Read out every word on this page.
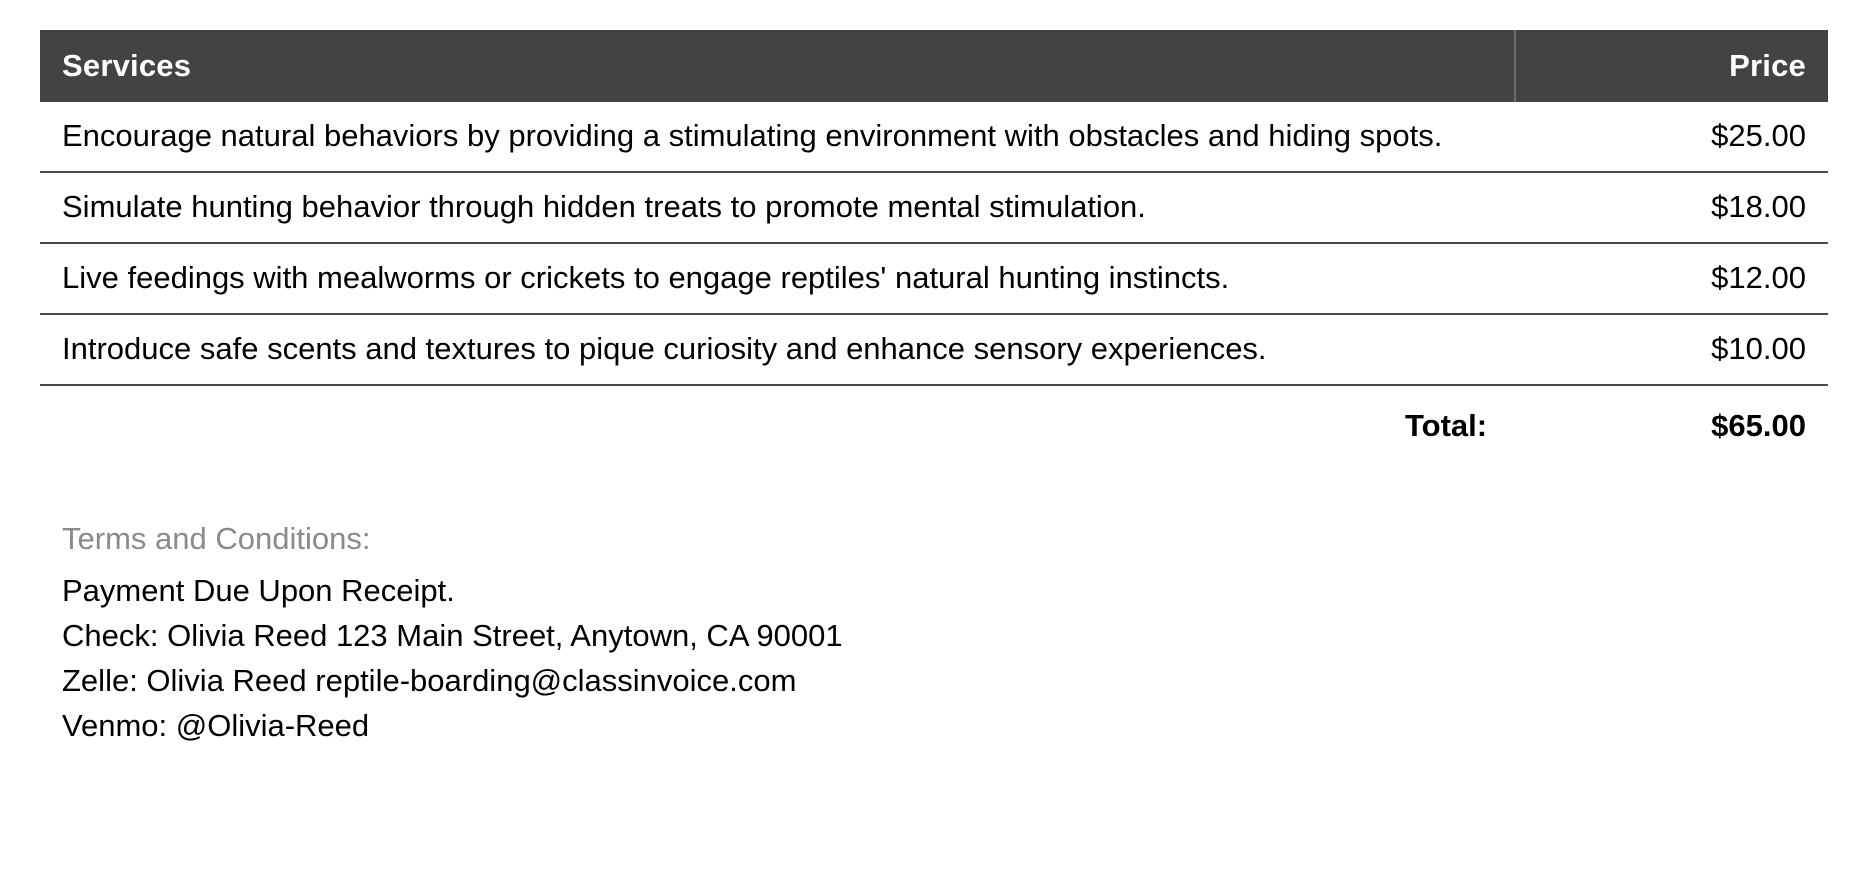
Services	Price
Encourage natural behaviors by providing a stimulating environment with obstacles and hiding spots.	$25.00
Simulate hunting behavior through hidden treats to promote mental stimulation.	$18.00
Live feedings with mealworms or crickets to engage reptiles' natural hunting instincts.	$12.00
Introduce safe scents and textures to pique curiosity and enhance sensory experiences.	$10.00
Total:	$65.00
Terms and Conditions:
Payment Due Upon Receipt.
Check: Olivia Reed 123 Main Street, Anytown, CA 90001
Zelle: Olivia Reed reptile-boarding@classinvoice.com
Venmo: @Olivia-Reed
